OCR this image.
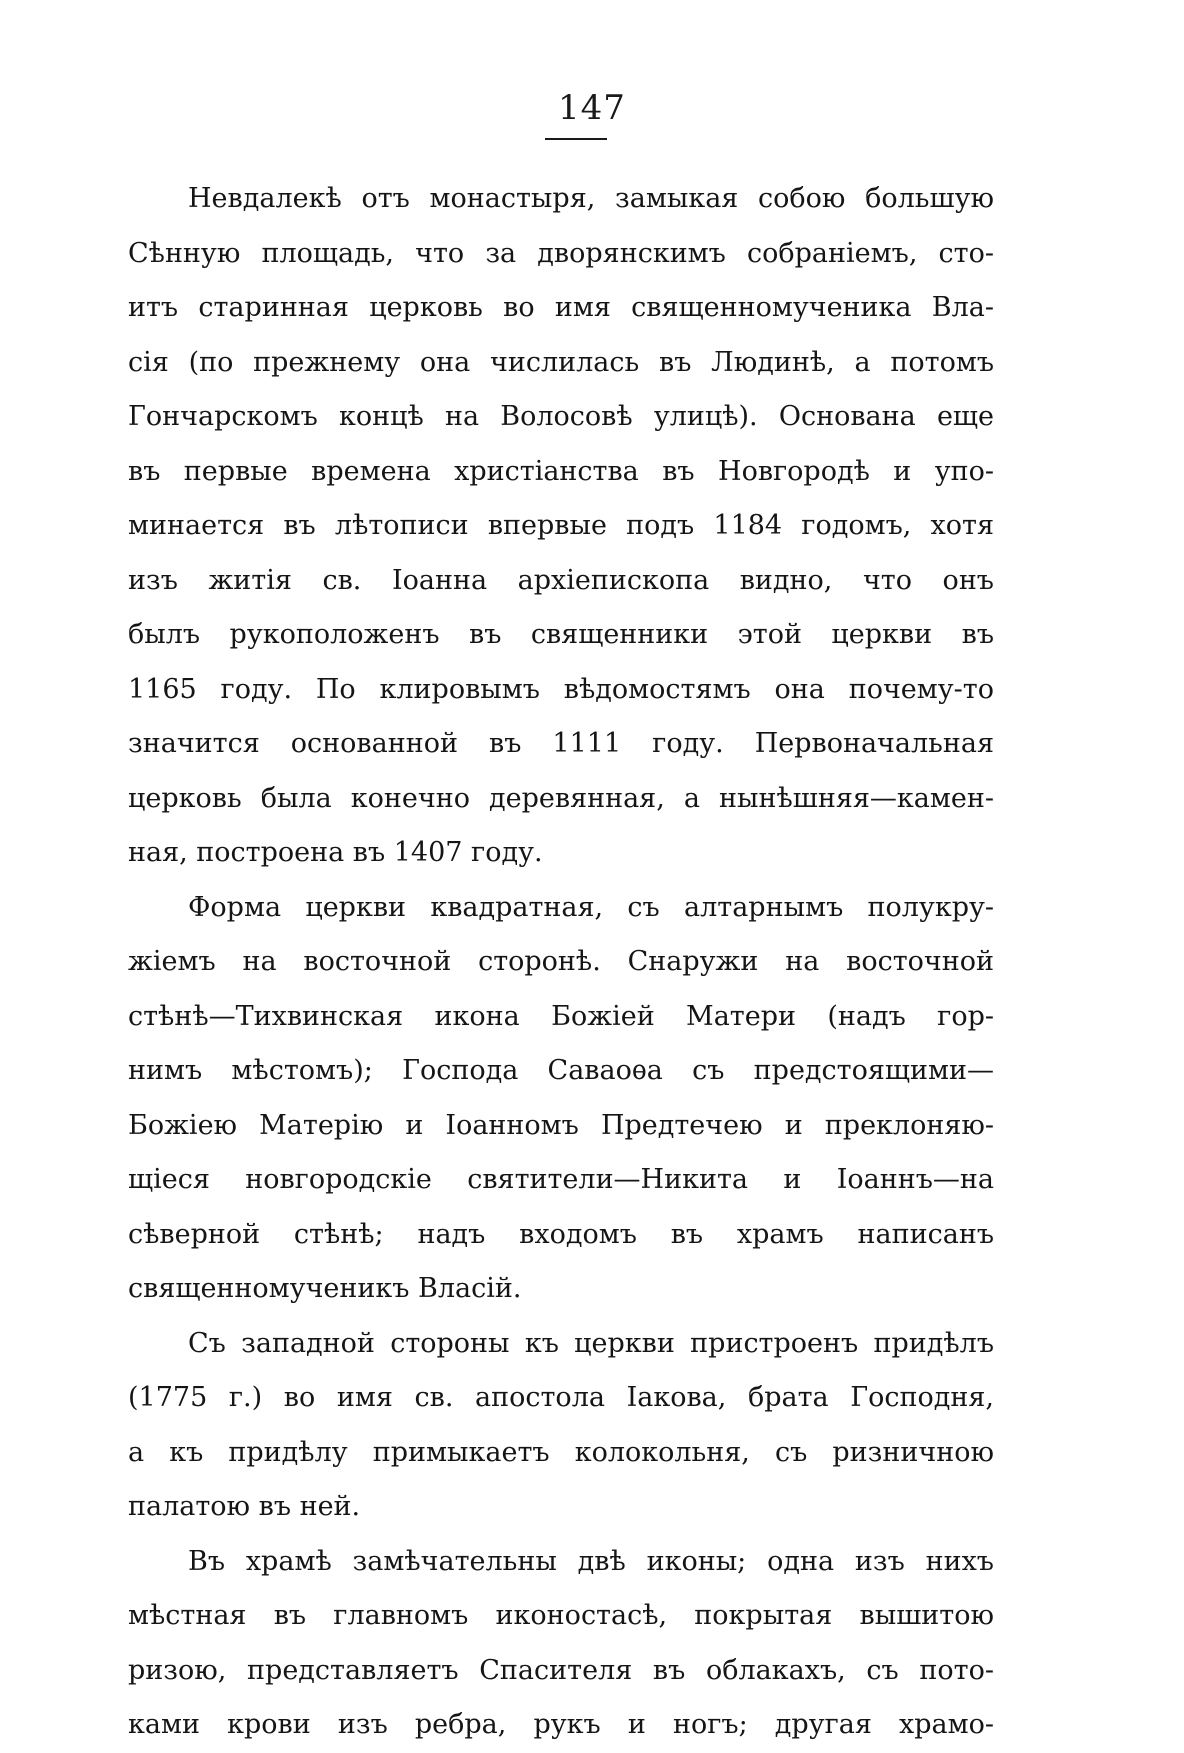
147
Невдалекѣ отъ монастыря, замыкая собою большую
Сѣнную площадь, что за дворянскимъ собраніемъ, сто-
итъ старинная церковь во имя священномученика Вла-
сія (по прежнему она числилась въ Людинѣ, а потомъ
Гончарскомъ концѣ на Волосовѣ улицѣ). Основана еще
въ первые времена христіанства въ Новгородѣ и упо-
минается въ лѣтописи впервые подъ 1184 годомъ, хотя
изъ житія св. Іоанна архіепископа видно, что онъ
былъ рукоположенъ въ священники этой церкви въ
1165 году. По клировымъ вѣдомостямъ она почему-то
значится основанной въ 1111 году. Первоначальная
церковь была конечно деревянная, а нынѣшняя—камен-
ная, построена въ 1407 году.
Форма церкви квадратная, съ алтарнымъ полукру-
жіемъ на восточной сторонѣ. Снаружи на восточной
стѣнѣ—Тихвинская икона Божіей Матери (надъ гор-
нимъ мѣстомъ); Господа Саваоѳа съ предстоящими—
Божіею Матерію и Іоанномъ Предтечею и преклоняю-
щіеся новгородскіе святители—Никита и Іоаннъ—на
сѣверной стѣнѣ; надъ входомъ въ храмъ написанъ
священномученикъ Власій.
Съ западной стороны къ церкви пристроенъ придѣлъ
(1775 г.) во имя св. апостола Іакова, брата Господня,
а къ придѣлу примыкаетъ колокольня, съ ризничною
палатою въ ней.
Въ храмѣ замѣчательны двѣ иконы; одна изъ нихъ
мѣстная въ главномъ иконостасѣ, покрытая вышитою
ризою, представляетъ Спасителя въ облакахъ, съ пото-
ками крови изъ ребра, рукъ и ногъ; другая храмо-
